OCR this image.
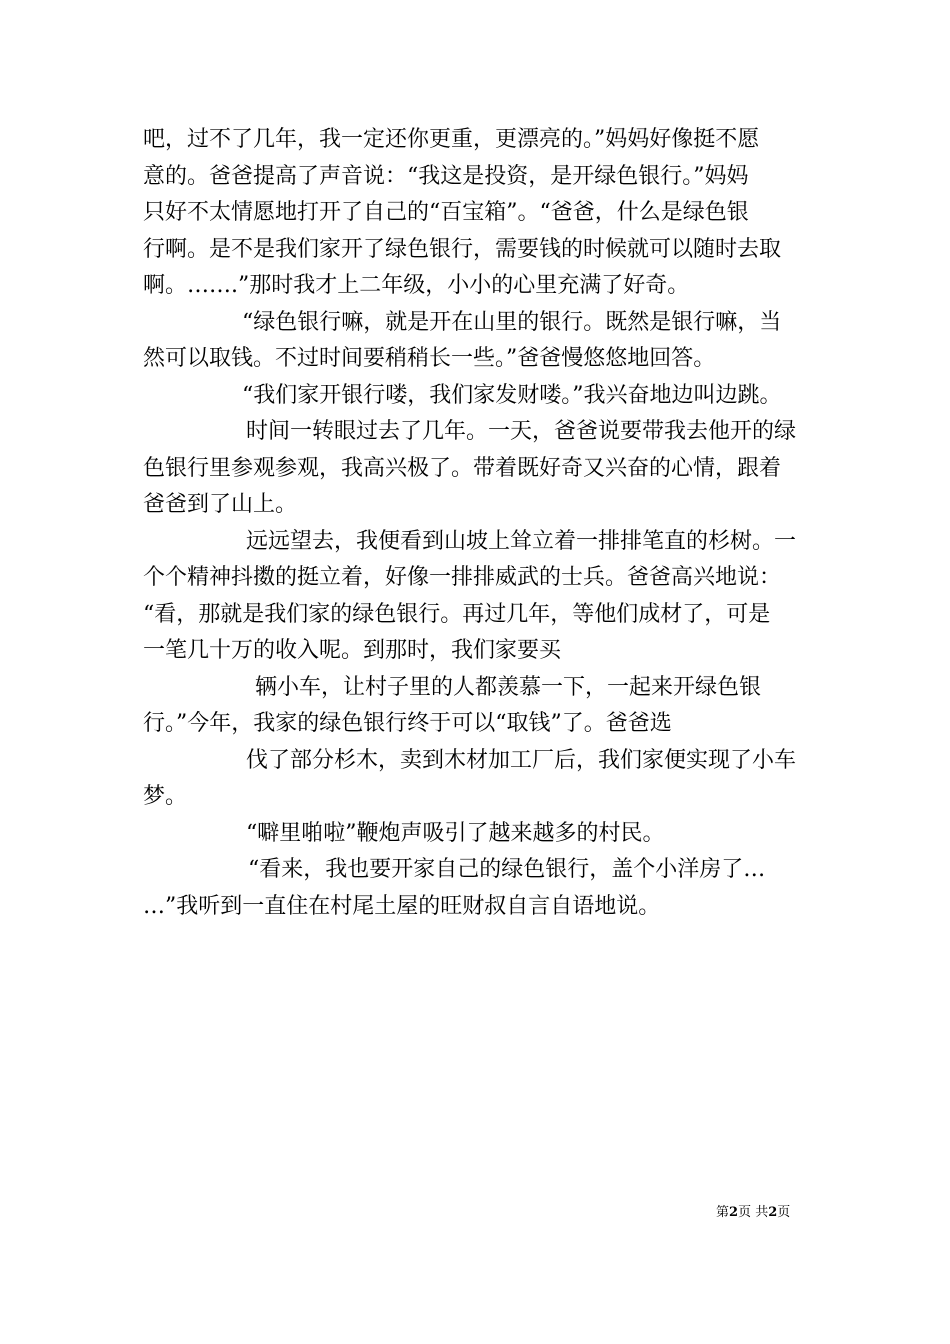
吧，过不了几年，我一定还你更重，更漂亮的。”妈妈好像挺不愿

意的。爸爸提高了声音说：“我这是投资，是开绿色银行。”妈妈

只好不太情愿地打开了自己的“百宝箱”。“爸爸，什么是绿色银

行啊。是不是我们家开了绿色银行，需要钱的时候就可以随时去取

啊。…….”那时我才上二年级，小小的心里充满了好奇。

“绿色银行嘛，就是开在山里的银行。既然是银行嘛，当

然可以取钱。不过时间要稍稍长一些。”爸爸慢悠悠地回答。

“我们家开银行喽，我们家发财喽。”我兴奋地边叫边跳。

时间一转眼过去了几年。一天，爸爸说要带我去他开的绿

色银行里参观参观，我高兴极了。带着既好奇又兴奋的心情，跟着

爸爸到了山上。

远远望去，我便看到山坡上耸立着一排排笔直的杉树。一

个个精神抖擞的挺立着，好像一排排威武的士兵。爸爸高兴地说：

“看，那就是我们家的绿色银行。再过几年，等他们成材了，可是

一笔几十万的收入呢。到那时，我们家要买

辆小车，让村子里的人都羡慕一下，一起来开绿色银

行。”今年，我家的绿色银行终于可以“取钱”了。爸爸选

伐了部分杉木，卖到木材加工厂后，我们家便实现了小车

梦。

“噼里啪啦”鞭炮声吸引了越来越多的村民。

“看来，我也要开家自己的绿色银行，盖个小洋房了…

…”我听到一直住在村尾土屋的旺财叔自言自语地说。

第2页 共2页
